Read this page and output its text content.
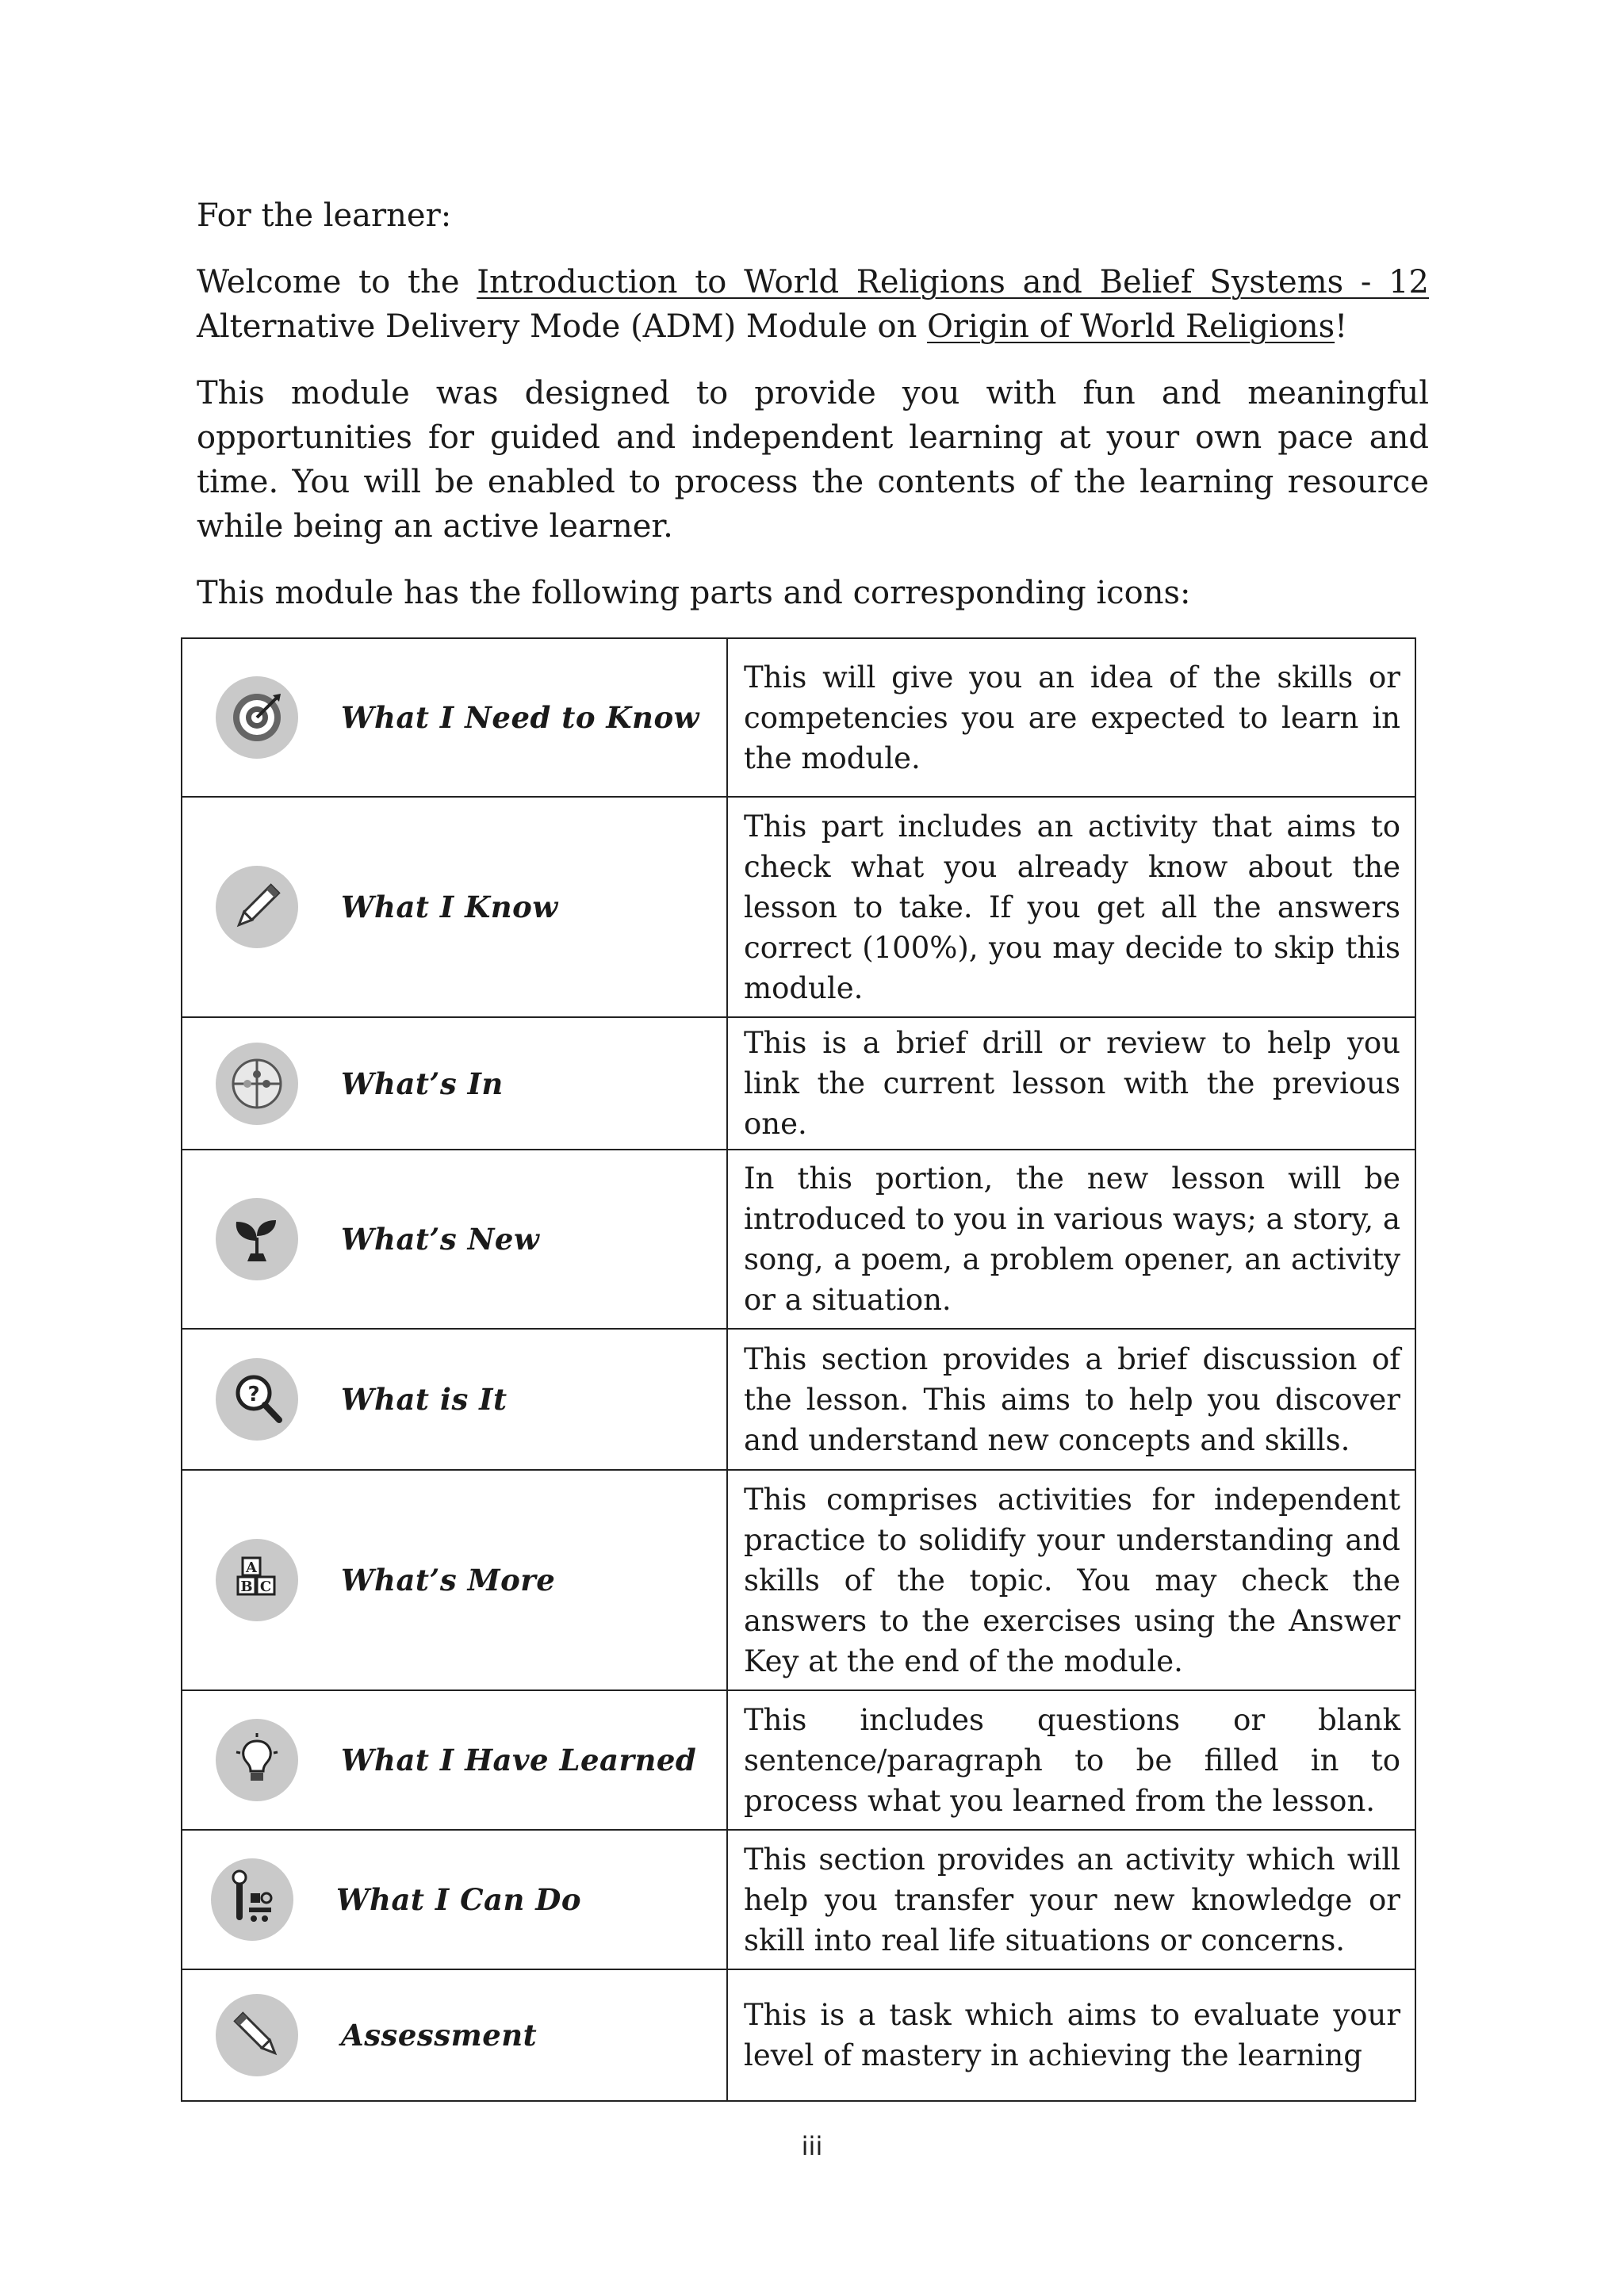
For the learner:
Welcome to the Introduction to World Religions and Belief Systems - 12
Alternative Delivery Mode (ADM) Module on Origin of World Religions!
This module was designed to provide you with fun and meaningful opportunities for guided and independent learning at your own pace and time. You will be enabled to process the contents of the learning resource while being an active learner.
This module has the following parts and corresponding icons:
What I Need to Know	This will give you an idea of the skills or competencies you are expected to learn in the module.

What I Know	This part includes an activity that aims to check what you already know about the lesson to take. If you get all the answers correct (100%), you may decide to skip this module.

What’s In	This is a brief drill or review to help you link the current lesson with the previous one.

What’s New	In this portion, the new lesson will be introduced to you in various ways; a story, a song, a poem, a problem opener, an activity or a situation.

? What is It	This section provides a brief discussion of the lesson. This aims to help you discover and understand new concepts and skills.

A
B C What’s More	This comprises activities for independent practice to solidify your understanding and skills of the topic. You may check the answers to the exercises using the Answer Key at the end of the module.

What I Have Learned	This includes questions or blank sentence/paragraph to be filled in to process what you learned from the lesson.

What I Can Do	This section provides an activity which will help you transfer your new knowledge or skill into real life situations or concerns.

Assessment	This is a task which aims to evaluate your level of mastery in achieving the learning
iii
